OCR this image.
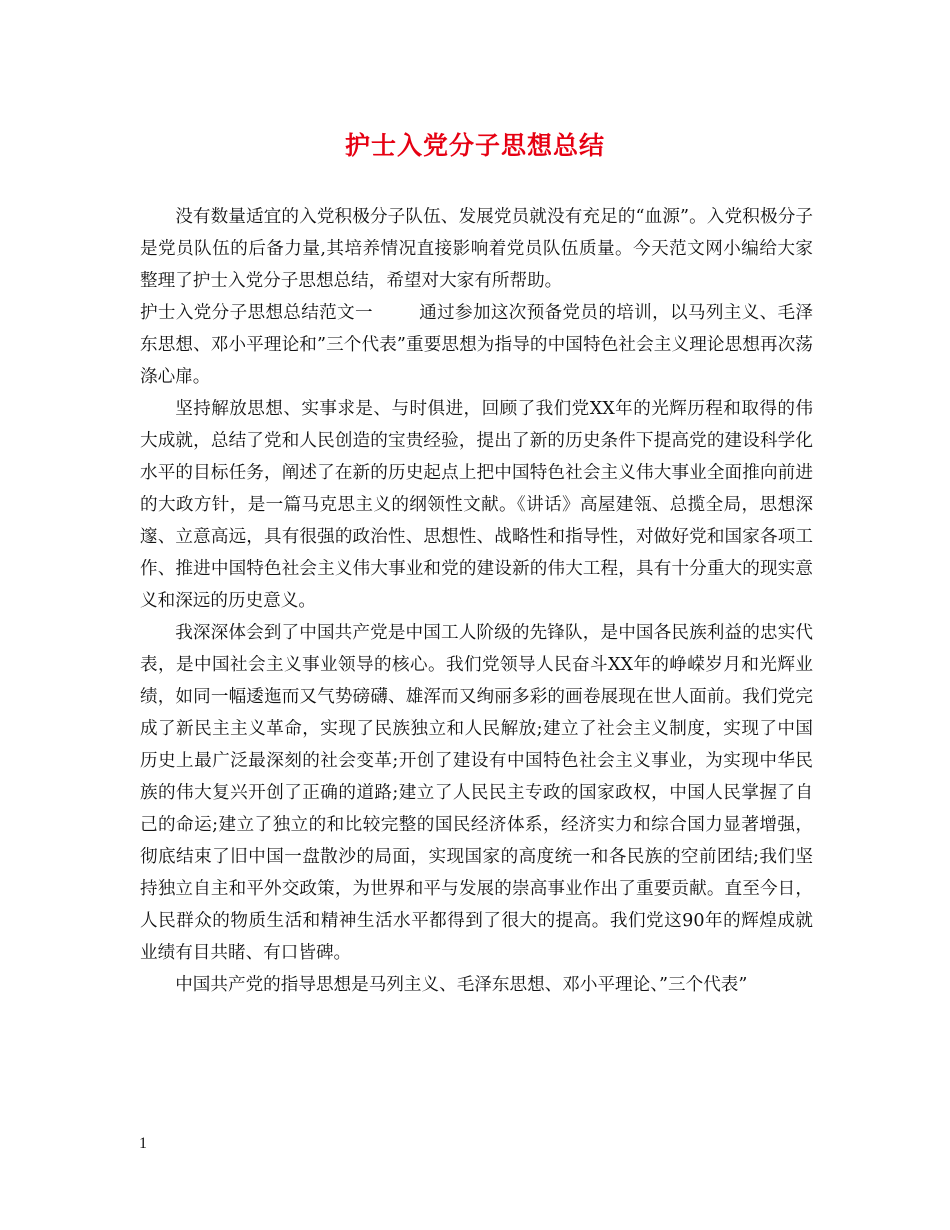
护士入党分子思想总结

没有数量适宜的入党积极分子队伍、发展党员就没有充足的“血源”。入党积极分子是党员队伍的后备力量,其培养情况直接影响着党员队伍质量。今天范文网小编给大家整理了护士入党分子思想总结，希望对大家有所帮助。

护士入党分子思想总结范文一	通过参加这次预备党员的培训，以马列主义、毛泽东思想、邓小平理论和”三个代表”重要思想为指导的中国特色社会主义理论思想再次荡涤心扉。

坚持解放思想、实事求是、与时俱进，回顾了我们党XX年的光辉历程和取得的伟大成就，总结了党和人民创造的宝贵经验，提出了新的历史条件下提高党的建设科学化水平的目标任务，阐述了在新的历史起点上把中国特色社会主义伟大事业全面推向前进的大政方针，是一篇马克思主义的纲领性文献。《讲话》高屋建瓴、总揽全局，思想深邃、立意高远，具有很强的政治性、思想性、战略性和指导性，对做好党和国家各项工作、推进中国特色社会主义伟大事业和党的建设新的伟大工程，具有十分重大的现实意义和深远的历史意义。

我深深体会到了中国共产党是中国工人阶级的先锋队，是中国各民族利益的忠实代表，是中国社会主义事业领导的核心。我们党领导人民奋斗XX年的峥嵘岁月和光辉业绩，如同一幅逶迤而又气势磅礴、雄浑而又绚丽多彩的画卷展现在世人面前。我们党完成了新民主主义革命，实现了民族独立和人民解放;建立了社会主义制度，实现了中国历史上最广泛最深刻的社会变革;开创了建设有中国特色社会主义事业，为实现中华民族的伟大复兴开创了正确的道路;建立了人民民主专政的国家政权，中国人民掌握了自己的命运;建立了独立的和比较完整的国民经济体系，经济实力和综合国力显著增强，彻底结束了旧中国一盘散沙的局面，实现国家的高度统一和各民族的空前团结;我们坚持独立自主和平外交政策，为世界和平与发展的崇高事业作出了重要贡献。直至今日，人民群众的物质生活和精神生活水平都得到了很大的提高。我们党这90年的辉煌成就业绩有目共睹、有口皆碑。

中国共产党的指导思想是马列主义、毛泽东思想、邓小平理论、”三个代表”

1
